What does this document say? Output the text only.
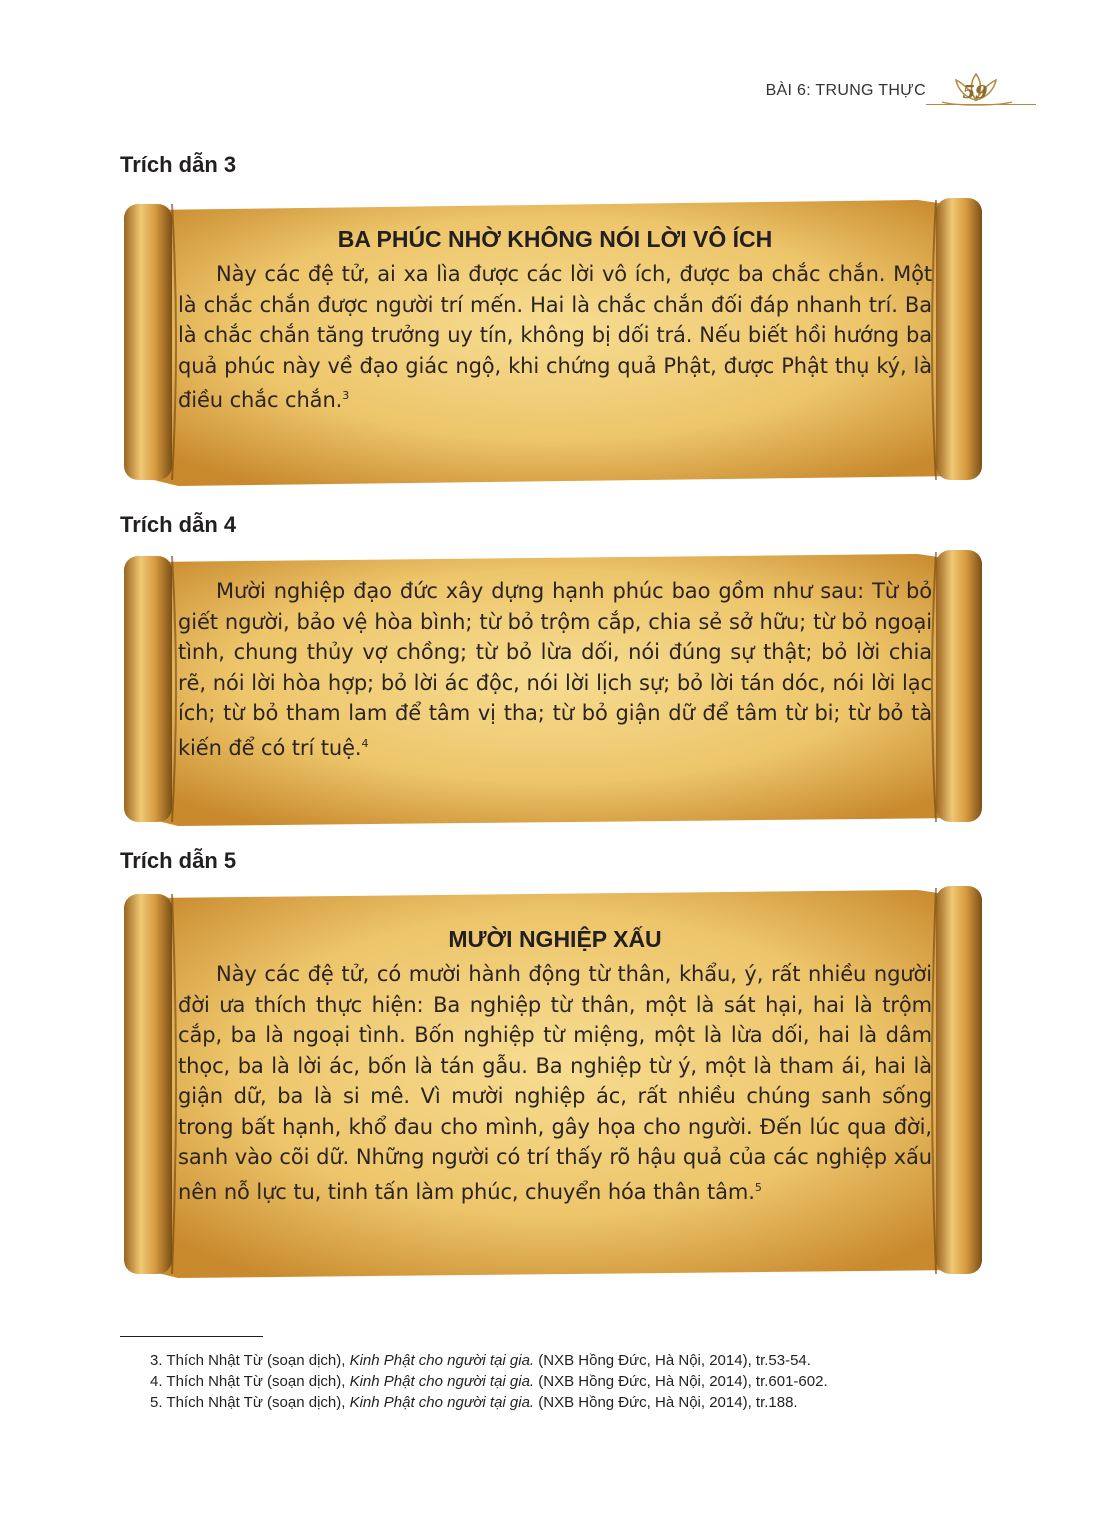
BÀI 6: TRUNG THỰC	59
Trích dẫn 3

BA PHÚC NHỜ KHÔNG NÓI LỜI VÔ ÍCH

Này các đệ tử, ai xa lìa được các lời vô ích, được ba chắc chắn. Một là chắc chắn được người trí mến. Hai là chắc chắn đối đáp nhanh trí. Ba là chắc chắn tăng trưởng uy tín, không bị dối trá. Nếu biết hồi hướng ba quả phúc này về đạo giác ngộ, khi chứng quả Phật, được Phật thụ ký, là điều chắc chắn.$^3$

Trích dẫn 4

Mười nghiệp đạo đức xây dựng hạnh phúc bao gồm như sau: Từ bỏ giết người, bảo vệ hòa bình; từ bỏ trộm cắp, chia sẻ sở hữu; từ bỏ ngoại tình, chung thủy vợ chồng; từ bỏ lừa dối, nói đúng sự thật; bỏ lời chia rẽ, nói lời hòa hợp; bỏ lời ác độc, nói lời lịch sự; bỏ lời tán dóc, nói lời lạc ích; từ bỏ tham lam để tâm vị tha; từ bỏ giận dữ để tâm từ bi; từ bỏ tà kiến để có trí tuệ.$^4$

Trích dẫn 5

MƯỜI NGHIỆP XẤU

Này các đệ tử, có mười hành động từ thân, khẩu, ý, rất nhiều người đời ưa thích thực hiện: Ba nghiệp từ thân, một là sát hại, hai là trộm cắp, ba là ngoại tình. Bốn nghiệp từ miệng, một là lừa dối, hai là dâm thọc, ba là lời ác, bốn là tán gẫu. Ba nghiệp từ ý, một là tham ái, hai là giận dữ, ba là si mê. Vì mười nghiệp ác, rất nhiều chúng sanh sống trong bất hạnh, khổ đau cho mình, gây họa cho người. Đến lúc qua đời, sanh vào cõi dữ. Những người có trí thấy rõ hậu quả của các nghiệp xấu nên nỗ lực tu, tinh tấn làm phúc, chuyển hóa thân tâm.$^5$

3. Thích Nhật Từ (soạn dịch), Kinh Phật cho người tại gia. (NXB Hồng Đức, Hà Nội, 2014), tr.53-54.

4. Thích Nhật Từ (soạn dịch), Kinh Phật cho người tại gia. (NXB Hồng Đức, Hà Nội, 2014), tr.601-602.

5. Thích Nhật Từ (soạn dịch), Kinh Phật cho người tại gia. (NXB Hồng Đức, Hà Nội, 2014), tr.188.
